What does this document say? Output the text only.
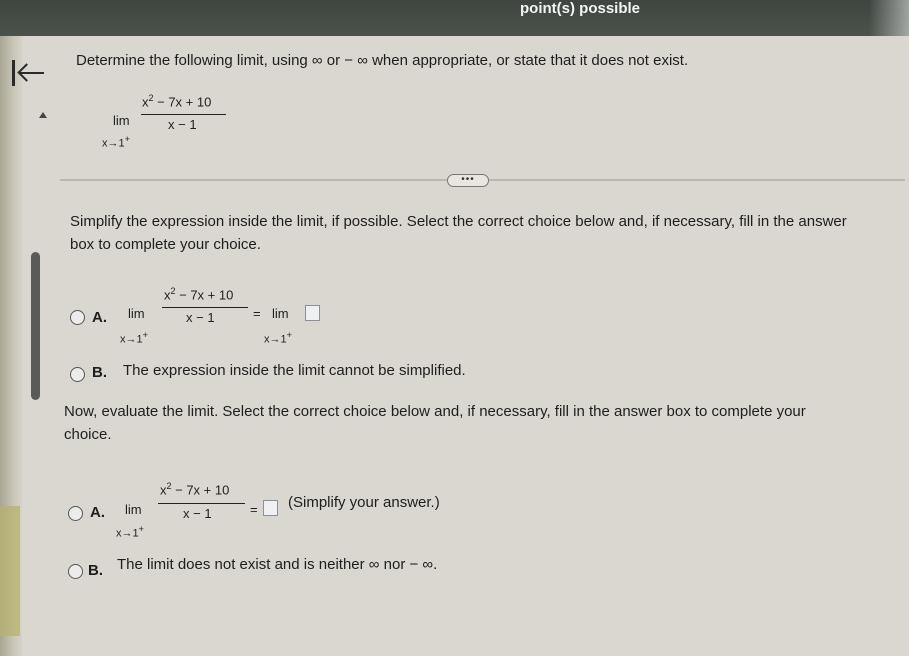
point(s) possible
Determine the following limit, using ∞ or − ∞ when appropriate, or state that it does not exist.
lim
x→1+
$x^2 - 7x + 10$
x − 1
•••
Simplify the expression inside the limit, if possible. Select the correct choice below and, if necessary, fill in the answer
box to complete your choice.
A. lim
x→1+
$x^2 - 7x + 10$
x − 1	= lim
x→1+
B. The expression inside the limit cannot be simplified.
Now, evaluate the limit. Select the correct choice below and, if necessary, fill in the answer box to complete your
choice.
A. lim
x→1+
$x^2 - 7x + 10$
x − 1	= (Simplify your answer.)
B. The limit does not exist and is neither ∞ nor − ∞.
